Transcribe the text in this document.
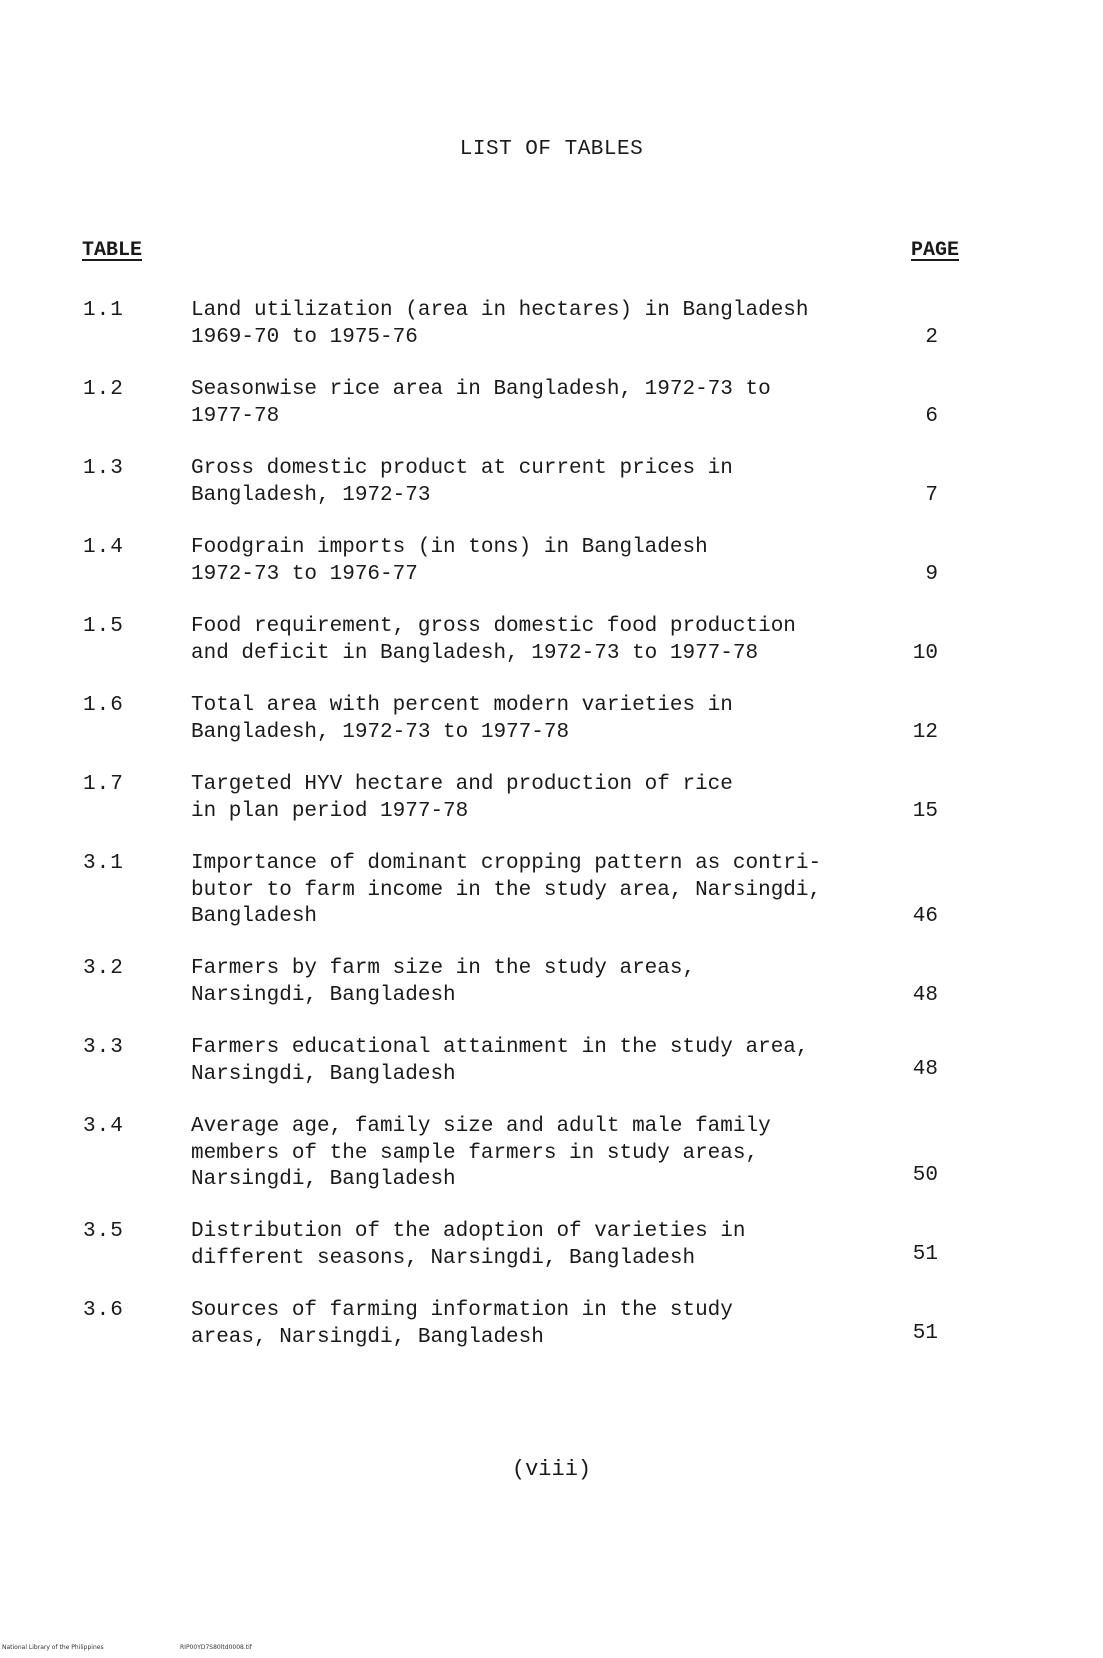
LIST OF TABLES
TABLE	PAGE
1.1	Land utilization (area in hectares) in Bangladesh
1969-70 to 1975-76	2
1.2	Seasonwise rice area in Bangladesh, 1972-73 to
1977-78	6
1.3	Gross domestic product at current prices in
Bangladesh, 1972-73	7
1.4	Foodgrain imports (in tons) in Bangladesh
1972-73 to 1976-77	9
1.5	Food requirement, gross domestic food production
and deficit in Bangladesh, 1972-73 to 1977-78	10
1.6	Total area with percent modern varieties in
Bangladesh, 1972-73 to 1977-78	12
1.7	Targeted HYV hectare and production of rice
in plan period 1977-78	15
3.1	Importance of dominant cropping pattern as contri-
butor to farm income in the study area, Narsingdi,
Bangladesh	46
3.2	Farmers by farm size in the study areas,
Narsingdi, Bangladesh	48
3.3	Farmers educational attainment in the study area,
Narsingdi, Bangladesh	48
3.4	Average age, family size and adult male family
members of the sample farmers in study areas,
Narsingdi, Bangladesh	50
3.5	Distribution of the adoption of varieties in
different seasons, Narsingdi, Bangladesh	51
3.6	Sources of farming information in the study
areas, Narsingdi, Bangladesh	51
(viii)
National Library of the Philippines	RIP00YD7S80ltd0008.tif
